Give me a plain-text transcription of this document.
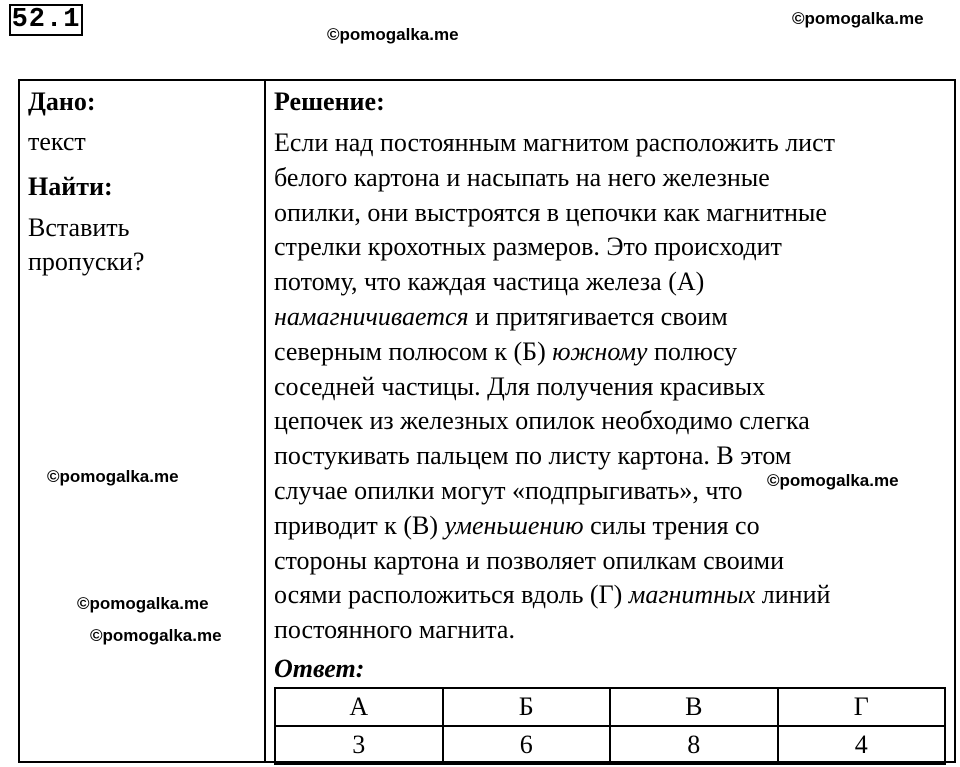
52.1	©pomogalka.me
©pomogalka.me
©pomogalka.me
©pomogalka.me
©pomogalka.me
Дано:
текст
Найти:
Вставить
пропуски?
Решение:
Если над постоянным магнитом расположить лист
белого картона и насыпать на него железные
опилки, они выстроятся в цепочки как магнитные
стрелки крохотных размеров. Это происходит
потому, что каждая частица железа (А)
намагничивается и притягивается своим
северным полюсом к (Б) южному полюсу
соседней частицы. Для получения красивых
цепочек из железных опилок необходимо слегка
постукивать пальцем по листу картона. В этом
случае опилки могут «подпрыгивать», что
приводит к (В) уменьшению силы трения со
стороны картона и позволяет опилкам своими
осями расположиться вдоль (Г) магнитных линий
постоянного магнита.
Ответ:
А	Б	В	Г
3	6	8	4
©pomogalka.me
